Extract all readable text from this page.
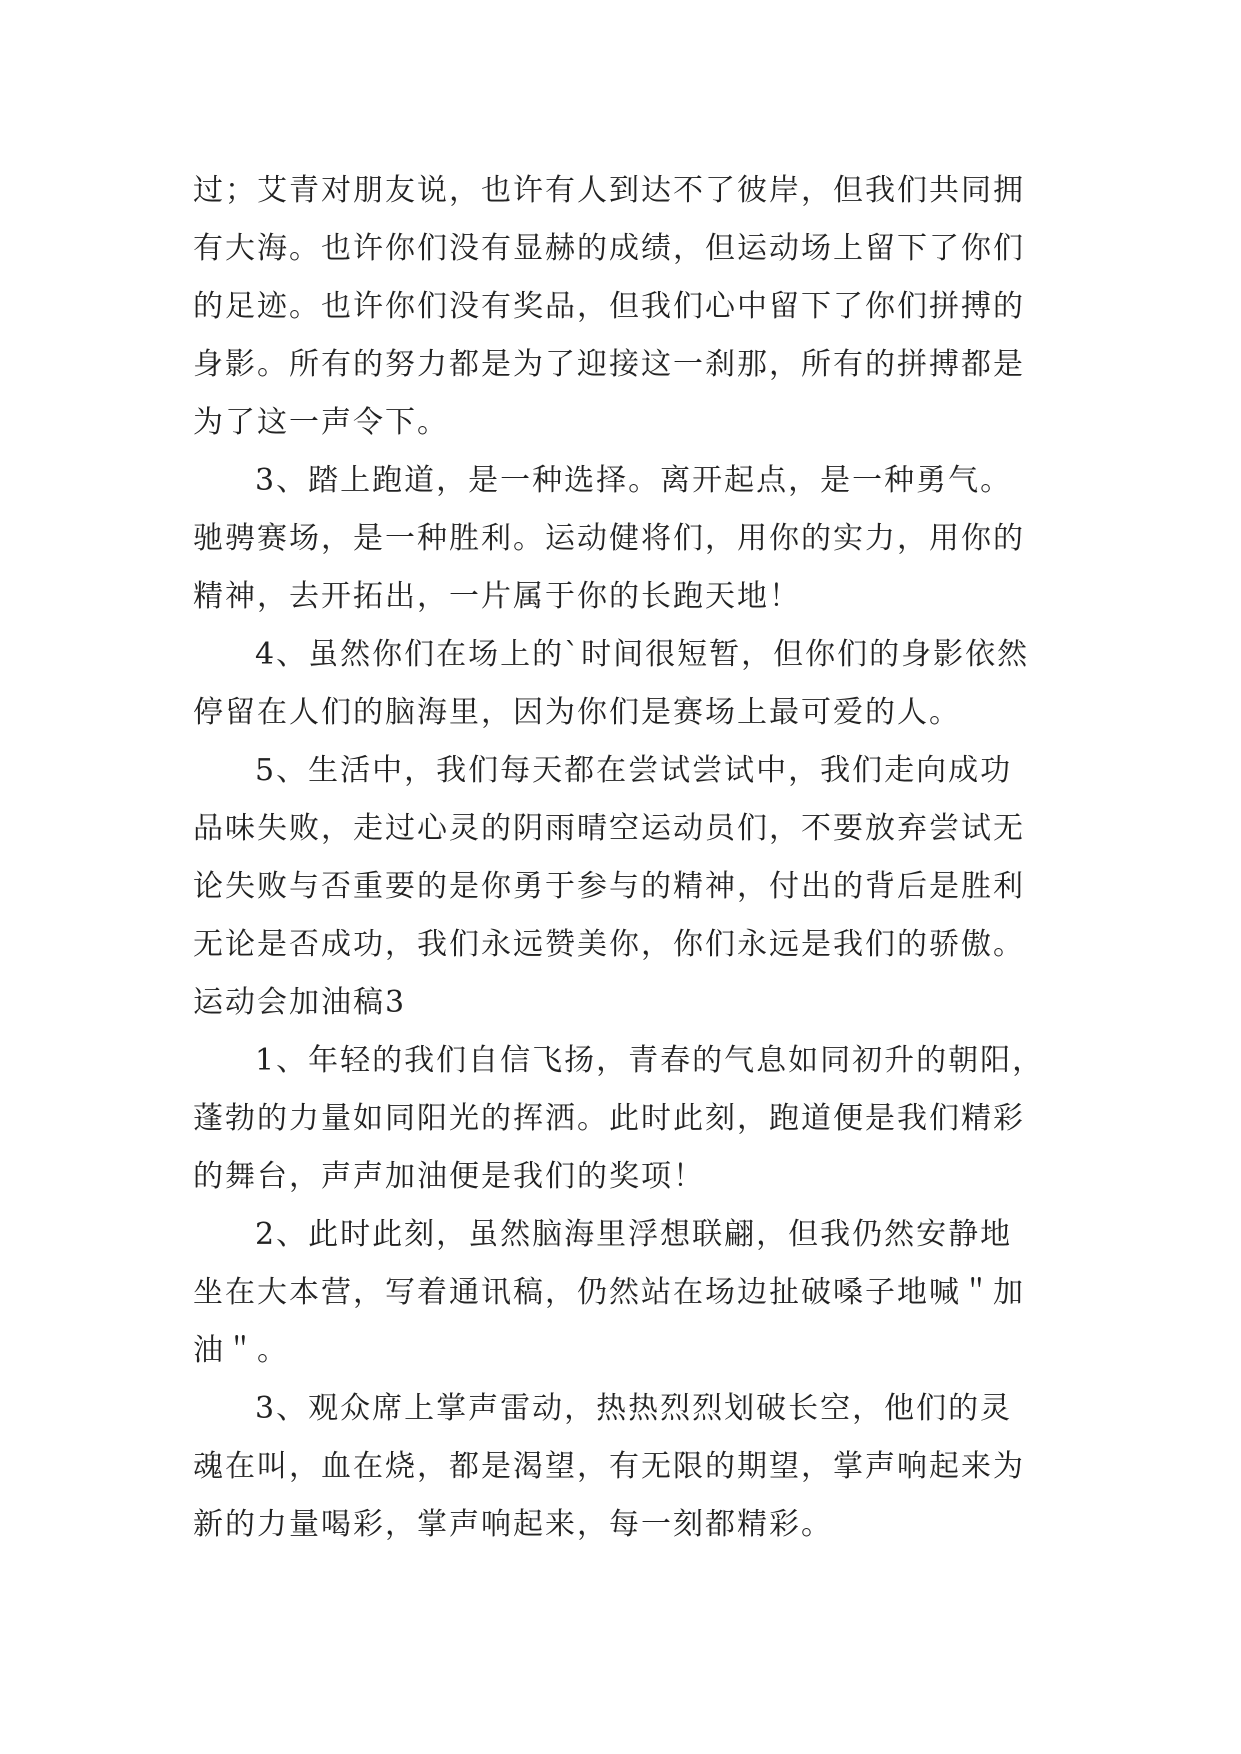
过；艾青对朋友说，也许有人到达不了彼岸，但我们共同拥
有大海。也许你们没有显赫的成绩，但运动场上留下了你们
的足迹。也许你们没有奖品，但我们心中留下了你们拼搏的
身影。所有的努力都是为了迎接这一刹那，所有的拼搏都是
为了这一声令下。

3、踏上跑道，是一种选择。离开起点，是一种勇气。
驰骋赛场，是一种胜利。运动健将们，用你的实力，用你的
精神，去开拓出，一片属于你的长跑天地！

4、虽然你们在场上的`时间很短暂，但你们的身影依然
停留在人们的脑海里，因为你们是赛场上最可爱的人。

5、生活中，我们每天都在尝试尝试中，我们走向成功
品味失败，走过心灵的阴雨晴空运动员们，不要放弃尝试无
论失败与否重要的是你勇于参与的精神，付出的背后是胜利
无论是否成功，我们永远赞美你，你们永远是我们的骄傲。

运动会加油稿3

1、年轻的我们自信飞扬，青春的气息如同初升的朝阳，
蓬勃的力量如同阳光的挥洒。此时此刻，跑道便是我们精彩
的舞台，声声加油便是我们的奖项！

2、此时此刻，虽然脑海里浮想联翩，但我仍然安静地
坐在大本营，写着通讯稿，仍然站在场边扯破嗓子地喊＂加
油＂。

3、观众席上掌声雷动，热热烈烈划破长空，他们的灵
魂在叫，血在烧，都是渴望，有无限的期望，掌声响起来为
新的力量喝彩，掌声响起来，每一刻都精彩。
